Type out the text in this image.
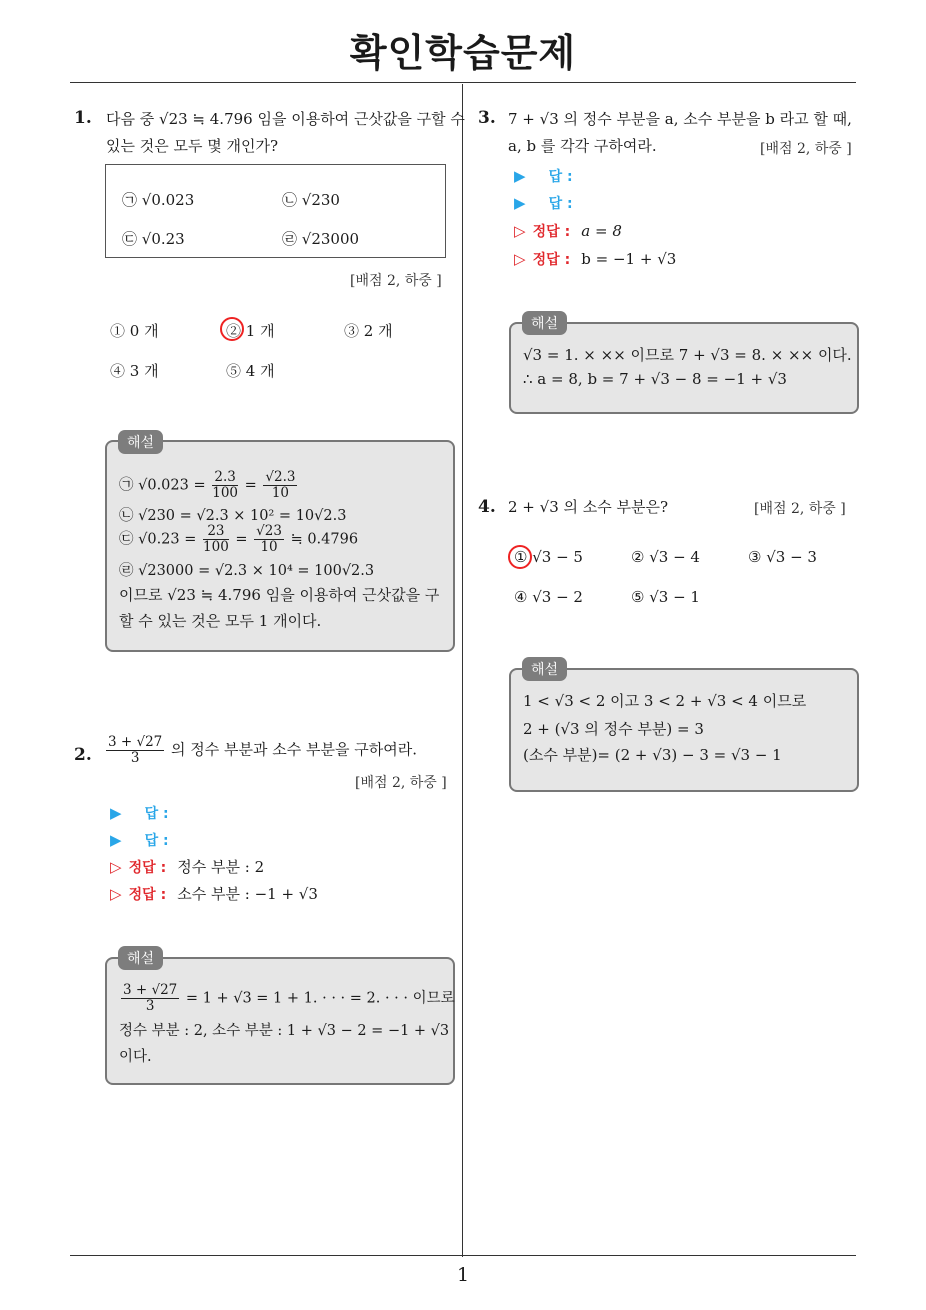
확인학습문제
1
1. 다음 중 √23 ≒ 4.796 임을 이용하여 근삿값을 구할 수
있는 것은 모두 몇 개인가?
㉠ √0.023	㉡ √230
㉢ √0.23	㉣ √23000
[배점 2, 하중 ]
① 0 개	② 1 개	③ 2 개
④ 3 개	⑤ 4 개
㉠ $√0.023 = \frac{2.3}{100} = \frac{√2.3}{10}$
㉡ √230 = √2.3 × 10² = 10√2.3
㉢ $√0.23 = \frac{23}{100} = \frac{√23}{10}$ ≒ 0.4796
㉣ √23000 = √2.3 × 10⁴ = 100√2.3
이므로 √23 ≒ 4.796 임을 이용하여 근삿값을 구
할 수 있는 것은 모두 1 개이다.
해설
2. $\frac{3 + √27}{3}$ 의 정수 부분과 소수 부분을 구하여라.
[배점 2, 하중 ]
▶ 답 :
▶ 답 :
▷ 정답 : 정수 부분 : 2
▷ 정답 : 소수 부분 : −1 + √3
$\frac{3 + √27}{3} = 1 + √3 = 1 + 1$. · · · = 2. · · · 이므로
정수 부분 : 2, 소수 부분 : 1 + √3 − 2 = −1 + √3
이다.
해설
3. 7 + √3 의 정수 부분을 a, 소수 부분을 b 라고 할 때,
a, b 를 각각 구하여라.	[배점 2, 하중 ]
▶ 답 :
▶ 답 :
▷ 정답 : a = 8
▷ 정답 : b = −1 + √3
√3 = 1. × ×× 이므로 7 + √3 = 8. × ×× 이다.
∴ a = 8, b = 7 + √3 − 8 = −1 + √3
해설
4. 2 + √3 의 소수 부분은?	[배점 2, 하중 ]
① √3 − 5	② √3 − 4	③ √3 − 3
④ √3 − 2	⑤ √3 − 1
1 < √3 < 2 이고 3 < 2 + √3 < 4 이므로
2 + (√3 의 정수 부분) = 3
(소수 부분)= (2 + √3) − 3 = √3 − 1
해설
